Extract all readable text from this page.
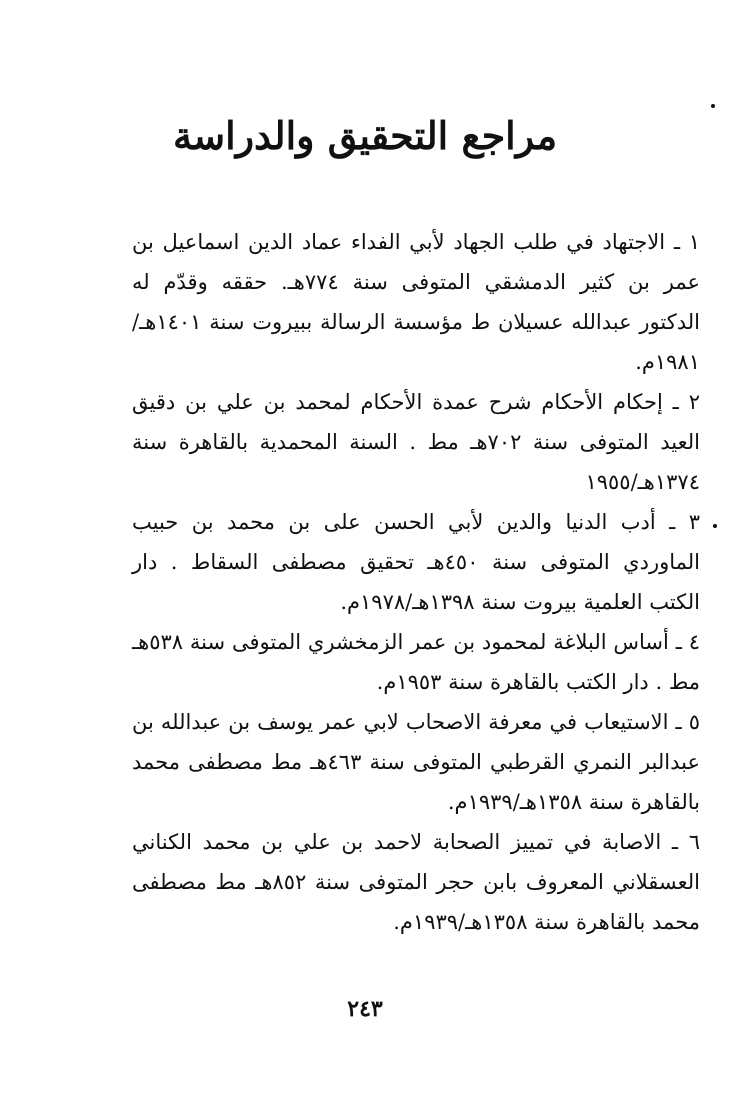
مراجع التحقيق والدراسة

١ ـ الاجتهاد في طلب الجهاد لأبي الفداء عماد الدين اسماعيل بن عمر بن كثير الدمشقي المتوفى سنة ٧٧٤هـ. حققه وقدّم له الدكتور عبدالله عسيلان ط مؤسسة الرسالة ببيروت سنة ١٤٠١هـ/١٩٨١م.

٢ ـ إحكام الأحكام شرح عمدة الأحكام لمحمد بن علي بن دقيق العيد المتوفى سنة ٧٠٢هـ مط . السنة المحمدية بالقاهرة سنة ١٣٧٤هـ/١٩٥٥

٣ ـ أدب الدنيا والدين لأبي الحسن على بن محمد بن حبيب الماوردي المتوفى سنة ٤٥٠هـ تحقيق مصطفى السقاط . دار الكتب العلمية بيروت سنة ١٣٩٨هـ/١٩٧٨م.

٤ ـ أساس البلاغة لمحمود بن عمر الزمخشري المتوفى سنة ٥٣٨هـ مط . دار الكتب بالقاهرة سنة ١٩٥٣م.

٥ ـ الاستيعاب في معرفة الاصحاب لابي عمر يوسف بن عبدالله بن عبدالبر النمري القرطبي المتوفى سنة ٤٦٣هـ مط مصطفى محمد بالقاهرة سنة ١٣٥٨هـ/١٩٣٩م.

٦ ـ الاصابة في تمييز الصحابة لاحمد بن علي بن محمد الكناني العسقلاني المعروف بابن حجر المتوفى سنة ٨٥٢هـ مط مصطفى محمد بالقاهرة سنة ١٣٥٨هـ/١٩٣٩م.

٢٤٣
